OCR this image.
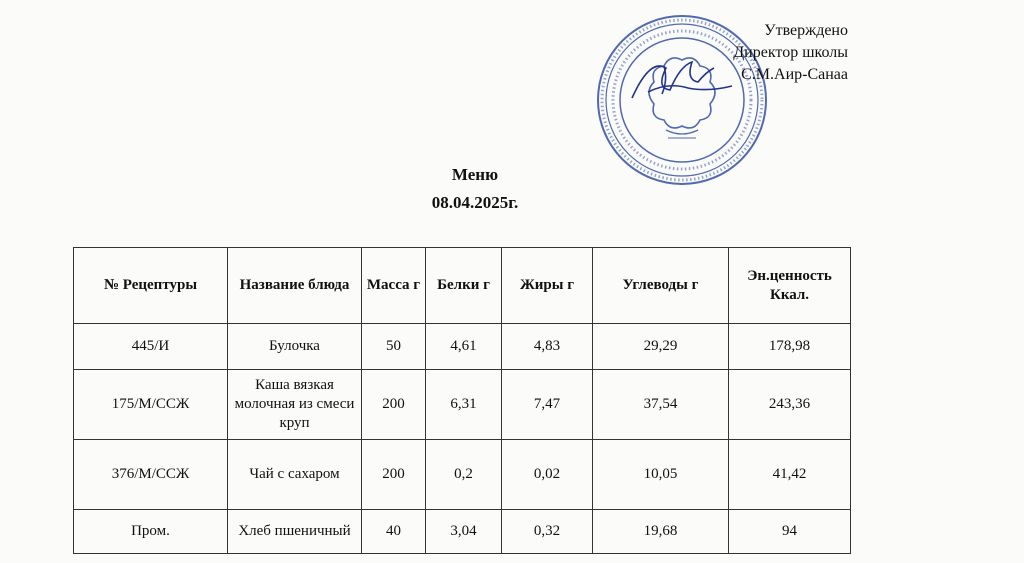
Утверждено
Директор школы
С.М.Аир-Санаа
Меню
08.04.2025г.
№ Рецептуры	Название блюда	Масса г	Белки г	Жиры г	Углеводы г	Эн.ценность Ккал.
445/И	Булочка	50	4,61	4,83	29,29	178,98
175/М/ССЖ	Каша вязкая молочная из смеси круп	200	6,31	7,47	37,54	243,36
376/М/ССЖ	Чай с сахаром	200	0,2	0,02	10,05	41,42
Пром.	Хлеб пшеничный	40	3,04	0,32	19,68	94
